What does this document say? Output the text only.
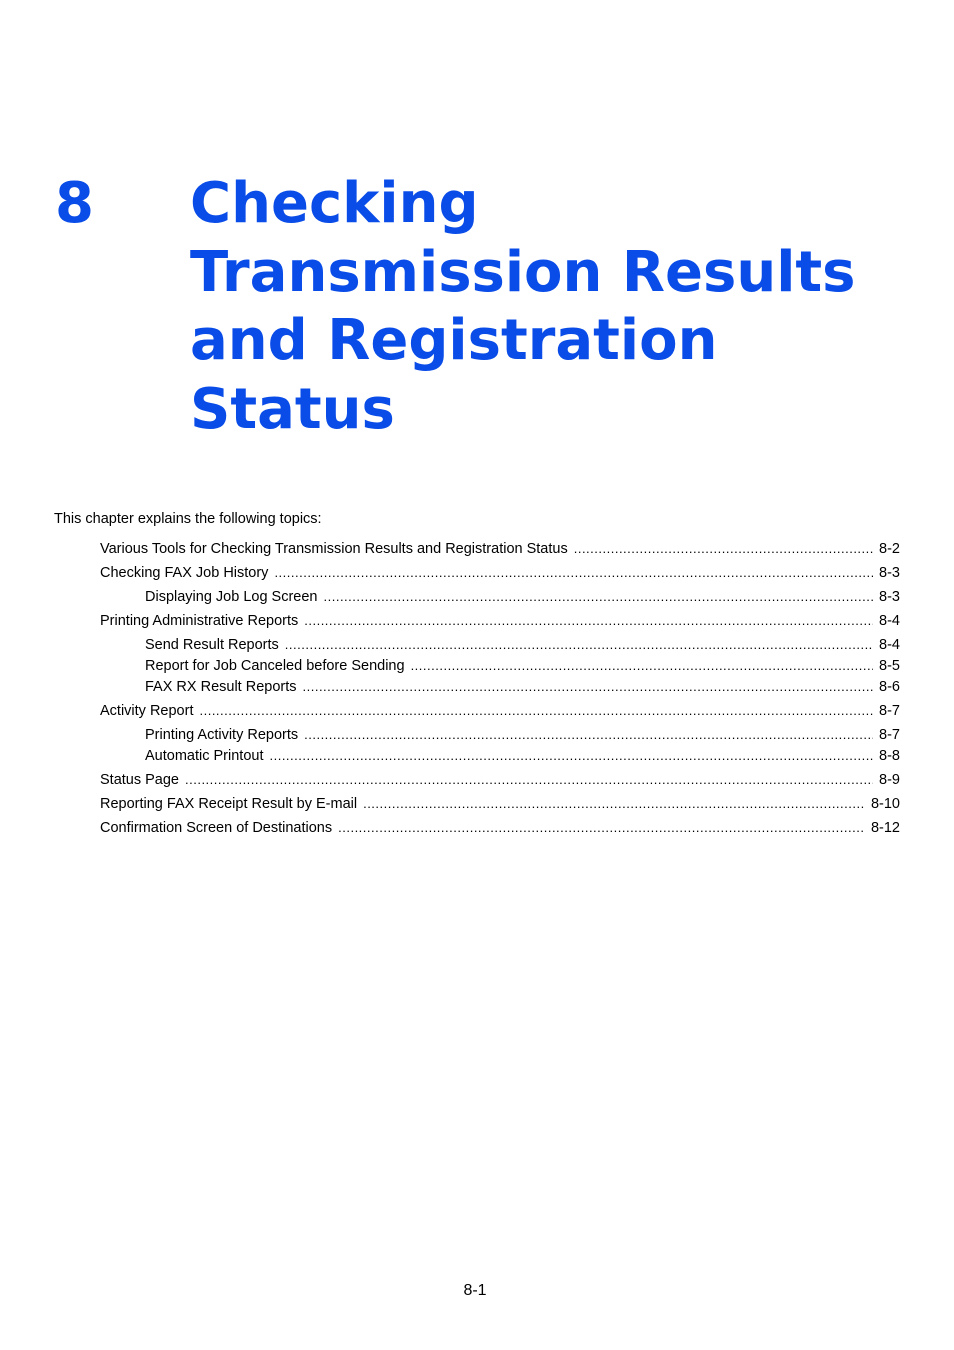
8 Checking
Transmission Results
and Registration
Status

This chapter explains the following topics:

Various Tools for Checking Transmission Results and Registration Status .....	8-2
Checking FAX Job History .....	8-3
Displaying Job Log Screen .....	8-3
Printing Administrative Reports .....	8-4
Send Result Reports .....	8-4
Report for Job Canceled before Sending .....	8-5
FAX RX Result Reports .....	8-6
Activity Report .....	8-7
Printing Activity Reports .....	8-7
Automatic Printout .....	8-8
Status Page .....	8-9
Reporting FAX Receipt Result by E-mail .....	8-10
Confirmation Screen of Destinations .....	8-12

8-1
